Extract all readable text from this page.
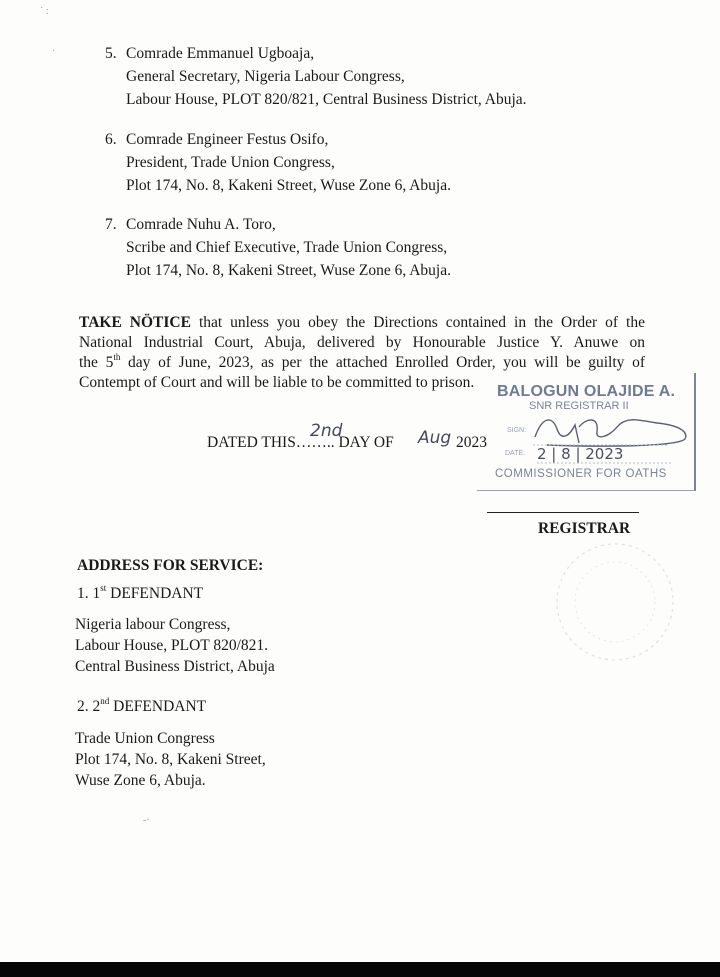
˙ :
·	5. Comrade Emmanuel Ugboaja,
General Secretary, Nigeria Labour Congress,
Labour House, PLOT 820/821, Central Business District, Abuja.
6. Comrade Engineer Festus Osifo,
President, Trade Union Congress,
Plot 174, No. 8, Kakeni Street, Wuse Zone 6, Abuja.
7. Comrade Nuhu A. Toro,
Scribe and Chief Executive, Trade Union Congress,
Plot 174, No. 8, Kakeni Street, Wuse Zone 6, Abuja.
TAKE NÖTICE that unless you obey the Directions contained in the Order of the
National Industrial Court, Abuja, delivered by Honourable Justice Y. Anuwe on
the 5th day of June, 2023, as per the attached Enrolled Order, you will be guilty of
Contempt of Court and will be liable to be committed to prison.
BALOGUN OLAJIDE A.
SNR REGISTRAR II
SIGN:
DATE: 2 | 8 | 2023
COMMISSIONER FOR OATHS
DATED THIS…….. DAY OF	2023
2nd	Aug
REGISTRAR
ADDRESS FOR SERVICE:
1. 1st DEFENDANT
Nigeria labour Congress,
Labour House, PLOT 820/821.
Central Business District, Abuja
2. 2nd DEFENDANT
Trade Union Congress
Plot 174, No. 8, Kakeni Street,
Wuse Zone 6, Abuja.
-·
